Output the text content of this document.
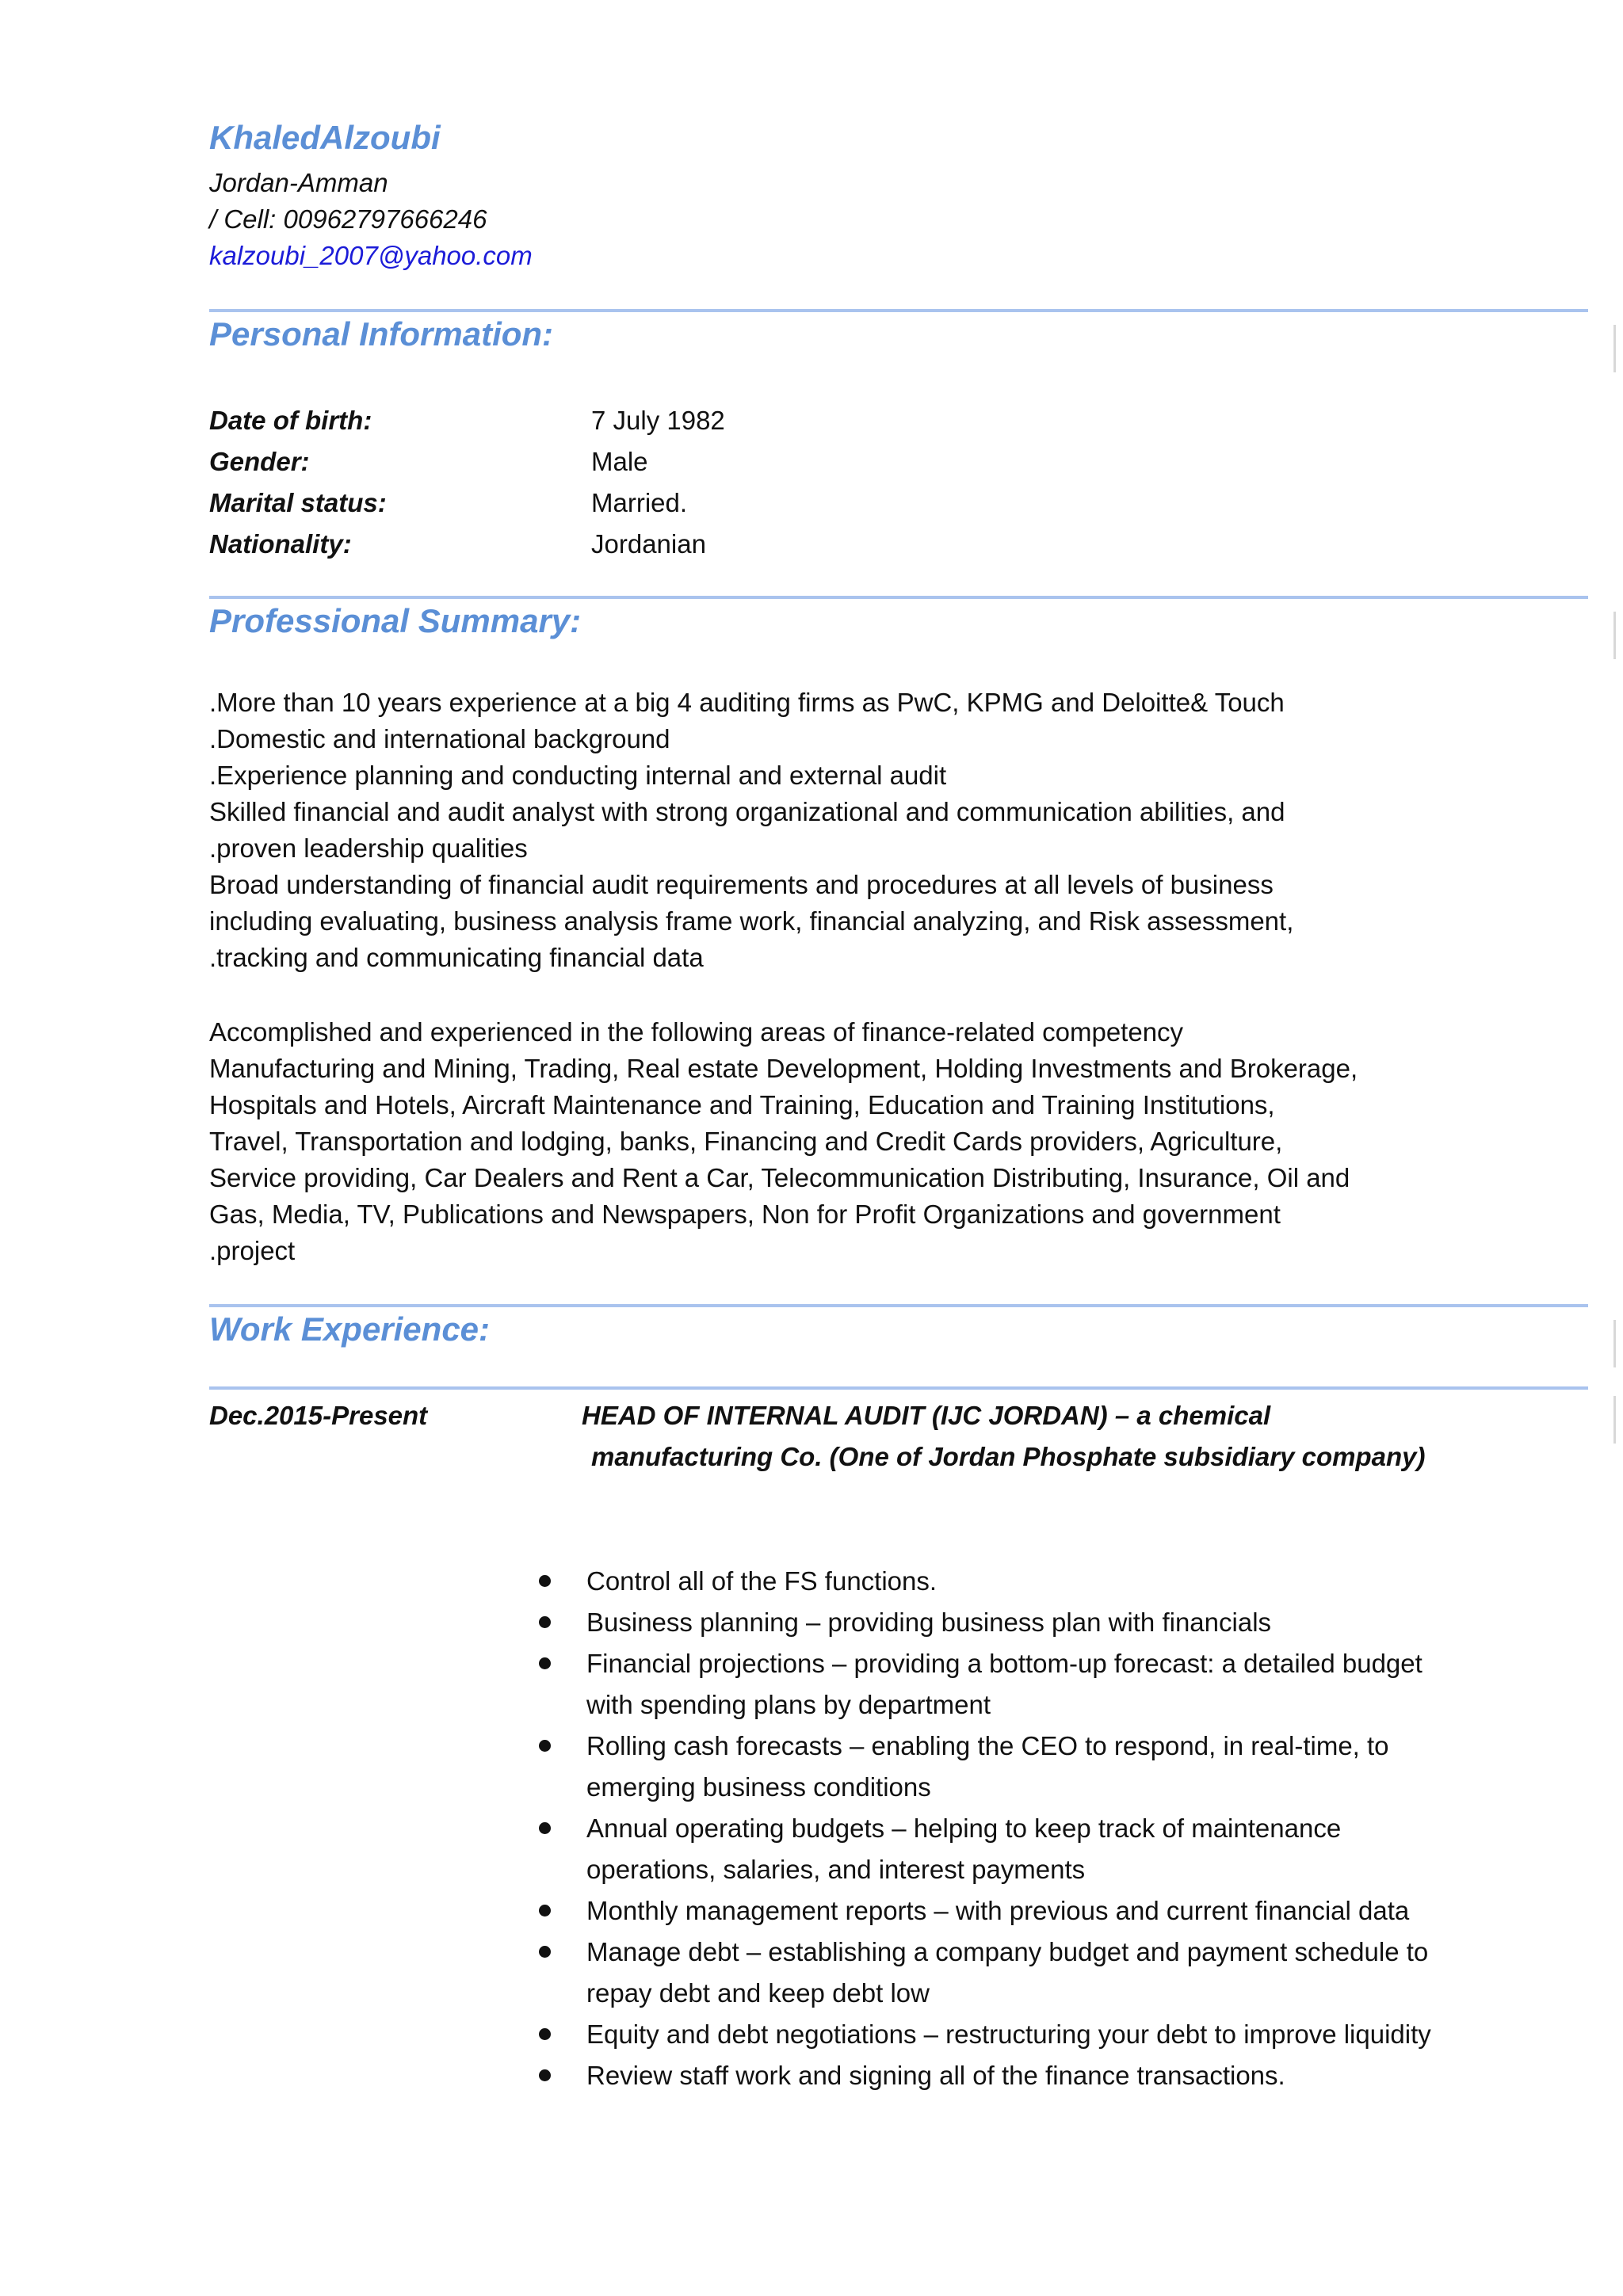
KhaledAlzoubi
Jordan-Amman
/ Cell: 00962797666246
kalzoubi_2007@yahoo.com
Personal Information:
Date of birth:	7 July 1982
Gender:	Male
Marital status:	Married.
Nationality:	Jordanian
Professional Summary:
.More than 10 years experience at a big 4 auditing firms as PwC, KPMG and Deloitte& Touch
.Domestic and international background
.Experience planning and conducting internal and external audit
Skilled financial and audit analyst with strong organizational and communication abilities, and
.proven leadership qualities
Broad understanding of financial audit requirements and procedures at all levels of business
including evaluating, business analysis frame work, financial analyzing, and Risk assessment,
.tracking and communicating financial data
Accomplished and experienced in the following areas of finance-related competency
Manufacturing and Mining, Trading, Real estate Development, Holding Investments and Brokerage,
Hospitals and Hotels, Aircraft Maintenance and Training, Education and Training Institutions,
Travel, Transportation and lodging, banks, Financing and Credit Cards providers, Agriculture,
Service providing, Car Dealers and Rent a Car, Telecommunication Distributing, Insurance, Oil and
Gas, Media, TV, Publications and Newspapers, Non for Profit Organizations and government
.project
Work Experience:
Dec.2015-Present	HEAD OF INTERNAL AUDIT (IJC JORDAN) – a chemical
manufacturing Co. (One of Jordan Phosphate subsidiary company)
Control all of the FS functions.
Business planning – providing business plan with financials
Financial projections – providing a bottom-up forecast: a detailed budget with spending plans by department
Rolling cash forecasts – enabling the CEO to respond, in real-time, to emerging business conditions
Annual operating budgets – helping to keep track of maintenance operations, salaries, and interest payments
Monthly management reports – with previous and current financial data
Manage debt – establishing a company budget and payment schedule to repay debt and keep debt low
Equity and debt negotiations – restructuring your debt to improve liquidity
Review staff work and signing all of the finance transactions.
